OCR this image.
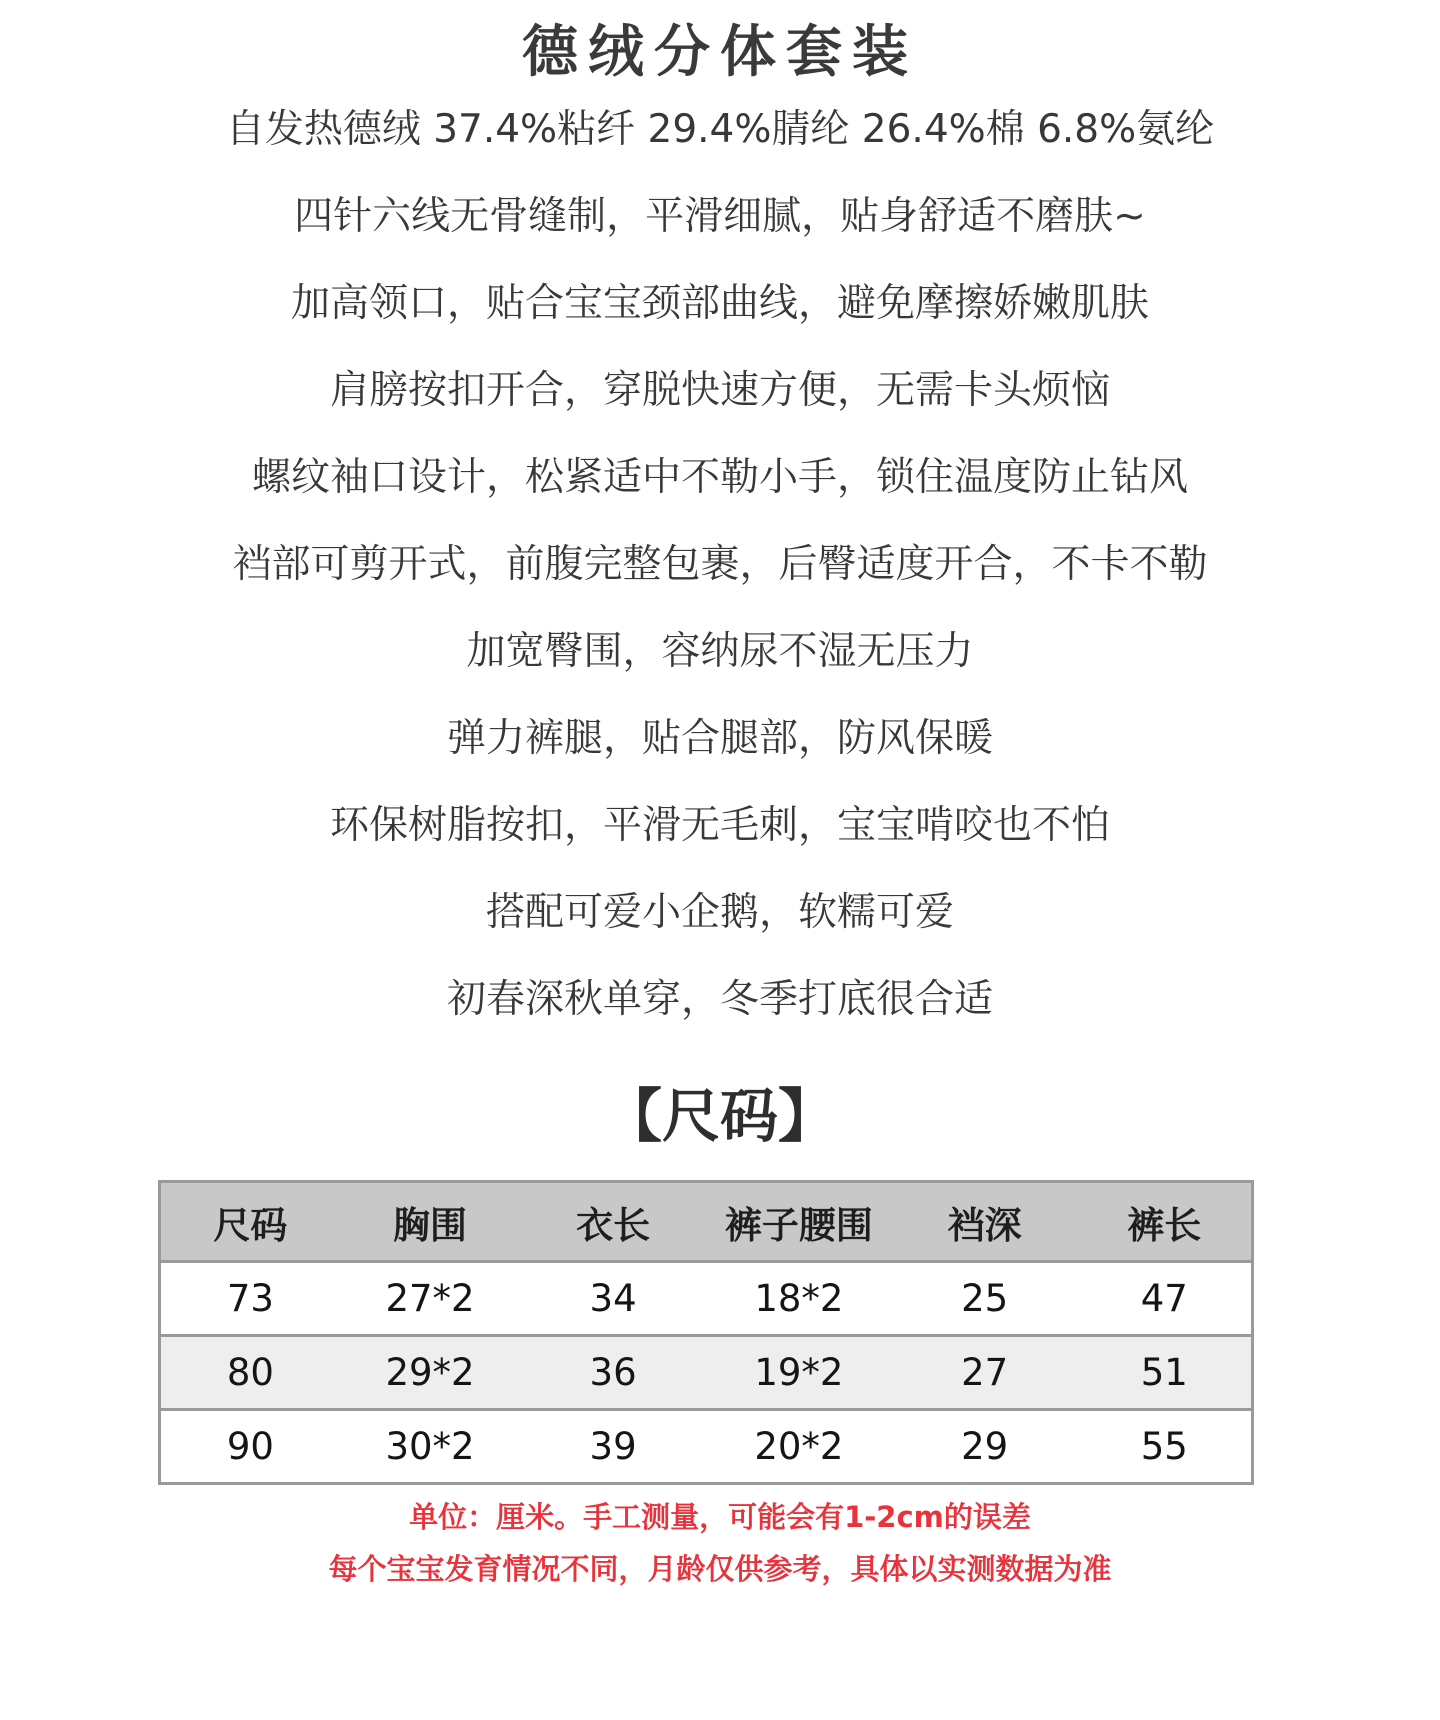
德绒分体套装
自发热德绒 37.4%粘纤 29.4%腈纶 26.4%棉 6.8%氨纶
四针六线无骨缝制，平滑细腻，贴身舒适不磨肤~
加高领口，贴合宝宝颈部曲线，避免摩擦娇嫩肌肤
肩膀按扣开合，穿脱快速方便，无需卡头烦恼
螺纹袖口设计，松紧适中不勒小手，锁住温度防止钻风
裆部可剪开式，前腹完整包裹，后臀适度开合，不卡不勒
加宽臀围，容纳尿不湿无压力
弹力裤腿，贴合腿部，防风保暖
环保树脂按扣，平滑无毛刺，宝宝啃咬也不怕
搭配可爱小企鹅，软糯可爱
初春深秋单穿，冬季打底很合适
【尺码】
尺码	胸围	衣长	裤子腰围	裆深	裤长
73	27*2	34	18*2	25	47
80	29*2	36	19*2	27	51
90	30*2	39	20*2	29	55
单位：厘米。手工测量，可能会有1-2cm的误差
每个宝宝发育情况不同，月龄仅供参考，具体以实测数据为准
